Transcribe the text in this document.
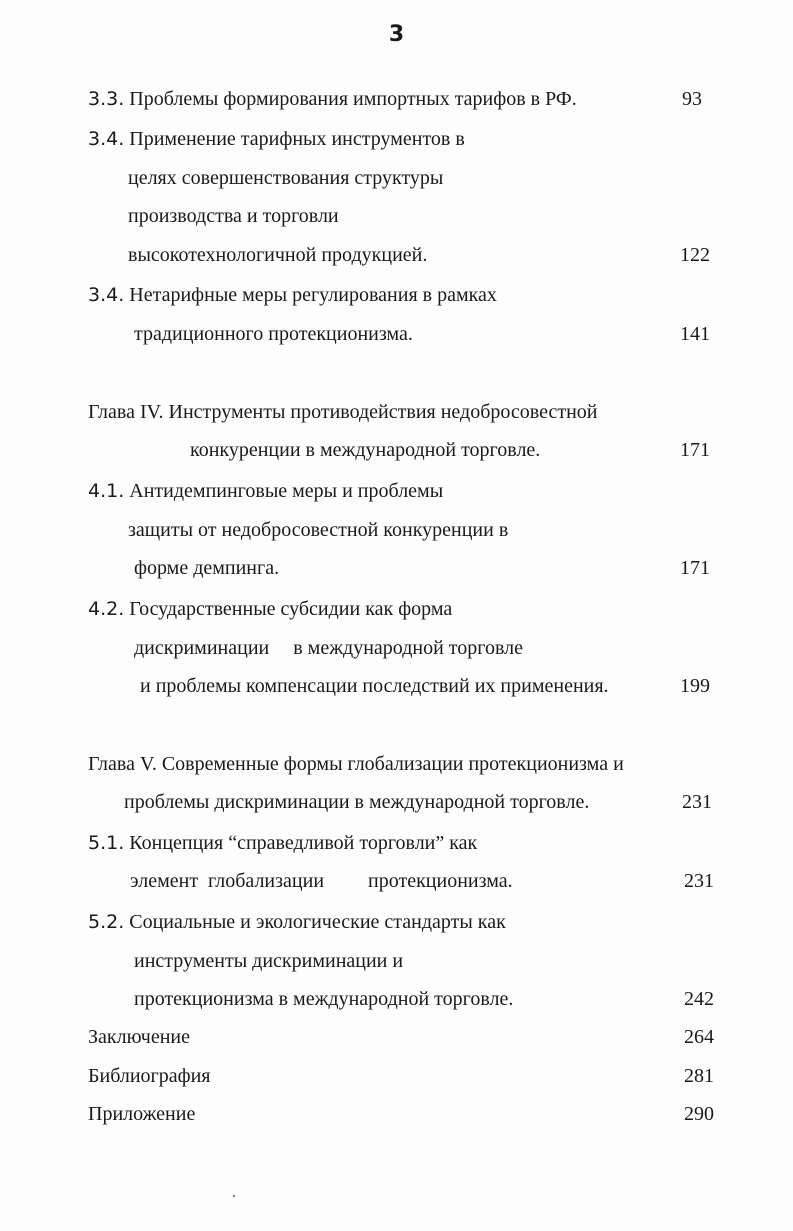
3
3.3. Проблемы формирования импортных тарифов в РФ.	93
3.4. Применение тарифных инструментов в
целях совершенствования структуры
производства и торговли
высокотехнологичной продукцией.	122
3.4. Нетарифные меры регулирования в рамках
традиционного протекционизма.	141
Глава IV. Инструменты противодействия недобросовестной
конкуренции в международной торговле.	171
4.1. Антидемпинговые меры и проблемы
защиты от недобросовестной конкуренции в
форме демпинга.	171
4.2. Государственные субсидии как форма
дискриминации в международной торговле
и проблемы компенсации последствий их применения.	199
Глава V. Современные формы глобализации протекционизма и
проблемы дискриминации в международной торговле.	231
5.1. Концепция “справедливой торговли” как
элемент  глобализации протекционизма.	231
5.2. Социальные и экологические стандарты как
инструменты дискриминации и
протекционизма в международной торговле.	242
Заключение	264
Библиография	281
Приложение	290
